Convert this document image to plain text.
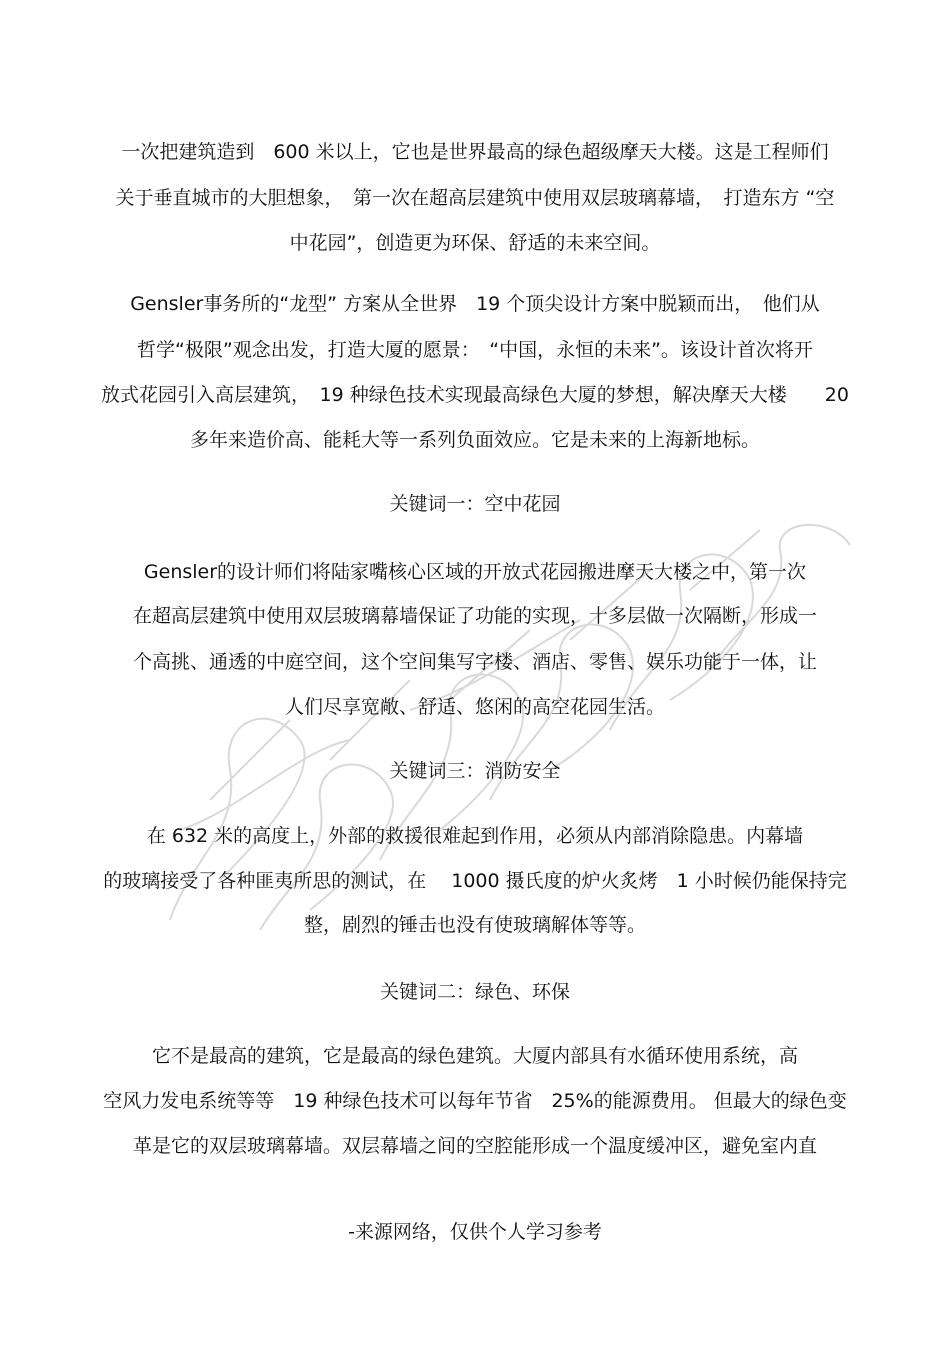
一次把建筑造到　600 米以上，它也是世界最高的绿色超级摩天大楼。这是工程师们
关于垂直城市的大胆想象，　第一次在超高层建筑中使用双层玻璃幕墙，　打造东方 “空
中花园”，创造更为环保、舒适的未来空间。
Gensler事务所的“龙型” 方案从全世界　19 个顶尖设计方案中脱颖而出，　他们从
哲学“极限”观念出发，打造大厦的愿景：　“中国，永恒的未来”。该设计首次将开
放式花园引入高层建筑，　19 种绿色技术实现最高绿色大厦的梦想，解决摩天大楼　　20
多年来造价高、能耗大等一系列负面效应。它是未来的上海新地标。
关键词一：空中花园
Gensler的设计师们将陆家嘴核心区域的开放式花园搬进摩天大楼之中，第一次
在超高层建筑中使用双层玻璃幕墙保证了功能的实现，十多层做一次隔断，形成一
个高挑、通透的中庭空间，这个空间集写字楼、酒店、零售、娱乐功能于一体，让
人们尽享宽敞、舒适、悠闲的高空花园生活。
关键词三：消防安全
在 632 米的高度上，外部的救援很难起到作用，必须从内部消除隐患。内幕墙
的玻璃接受了各种匪夷所思的测试，在　 1000 摄氏度的炉火炙烤　1 小时候仍能保持完
整，剧烈的锤击也没有使玻璃解体等等。
关键词二：绿色、环保
它不是最高的建筑，它是最高的绿色建筑。大厦内部具有水循环使用系统，高
空风力发电系统等等　19 种绿色技术可以每年节省　25%的能源费用。 但最大的绿色变
革是它的双层玻璃幕墙。双层幕墙之间的空腔能形成一个温度缓冲区，避免室内直
-来源网络，仅供个人学习参考
